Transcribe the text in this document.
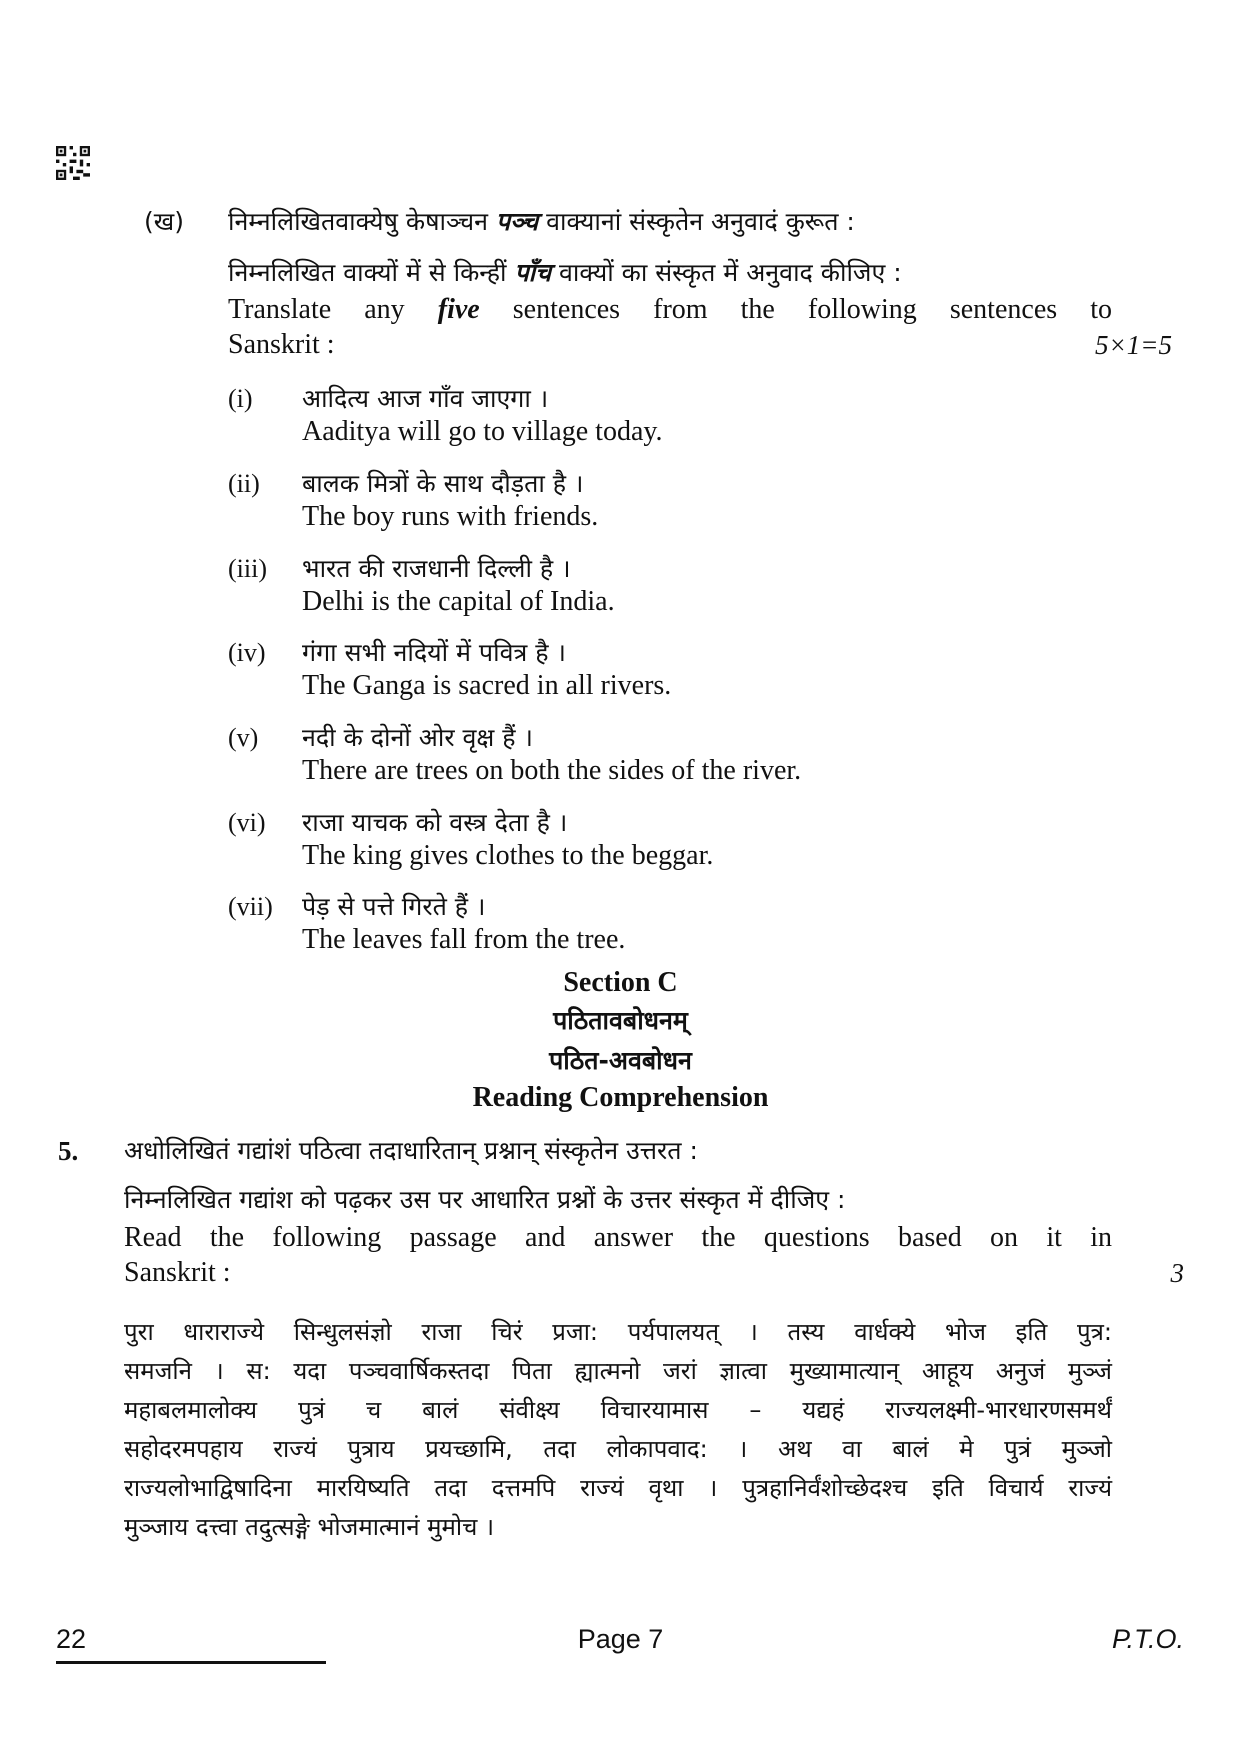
(ख) निम्नलिखितवाक्येषु केषाञ्चन पञ्च वाक्यानां संस्कृतेन अनुवादं कुरूत :
निम्नलिखित वाक्यों में से किन्हीं पाँच वाक्यों का संस्कृत में अनुवाद कीजिए :
Translate any five sentences from the following sentences to
Sanskrit :	5×1=5
(i) आदित्य आज गाँव जाएगा ।
Aaditya will go to village today.
(ii) बालक मित्रों के साथ दौड़ता है ।
The boy runs with friends.
(iii) भारत की राजधानी दिल्ली है ।
Delhi is the capital of India.
(iv) गंगा सभी नदियों में पवित्र है ।
The Ganga is sacred in all rivers.
(v) नदी के दोनों ओर वृक्ष हैं ।
There are trees on both the sides of the river.
(vi) राजा याचक को वस्त्र देता है ।
The king gives clothes to the beggar.
(vii) पेड़ से पत्ते गिरते हैं ।
The leaves fall from the tree.
Section C
पठितावबोधनम्
पठित-अवबोधन
Reading Comprehension
5. अधोलिखितं गद्यांशं पठित्वा तदाधारितान् प्रश्नान् संस्कृतेन उत्तरत :
निम्नलिखित गद्यांश को पढ़कर उस पर आधारित प्रश्नों के उत्तर संस्कृत में दीजिए :
Read the following passage and answer the questions based on it in
Sanskrit :	3
पुरा धाराराज्ये सिन्धुलसंज्ञो राजा चिरं प्रजा: पर्यपालयत् । तस्य वार्धक्ये भोज इति पुत्र:
समजनि । स: यदा पञ्चवार्षिकस्तदा पिता ह्यात्मनो जरां ज्ञात्वा मुख्यामात्यान् आहूय अनुजं मुञ्जं
महाबलमालोक्य पुत्रं च बालं संवीक्ष्य विचारयामास – यद्यहं राज्यलक्ष्मी-भारधारणसमर्थं
सहोदरमपहाय राज्यं पुत्राय प्रयच्छामि, तदा लोकापवाद: । अथ वा बालं मे पुत्रं मुञ्जो
राज्यलोभाद्विषादिना मारयिष्यति तदा दत्तमपि राज्यं वृथा । पुत्रहानिर्वंशोच्छेदश्च इति विचार्य राज्यं
मुञ्जाय दत्त्वा तदुत्सङ्गे भोजमात्मानं मुमोच ।
22	Page 7	P.T.O.
